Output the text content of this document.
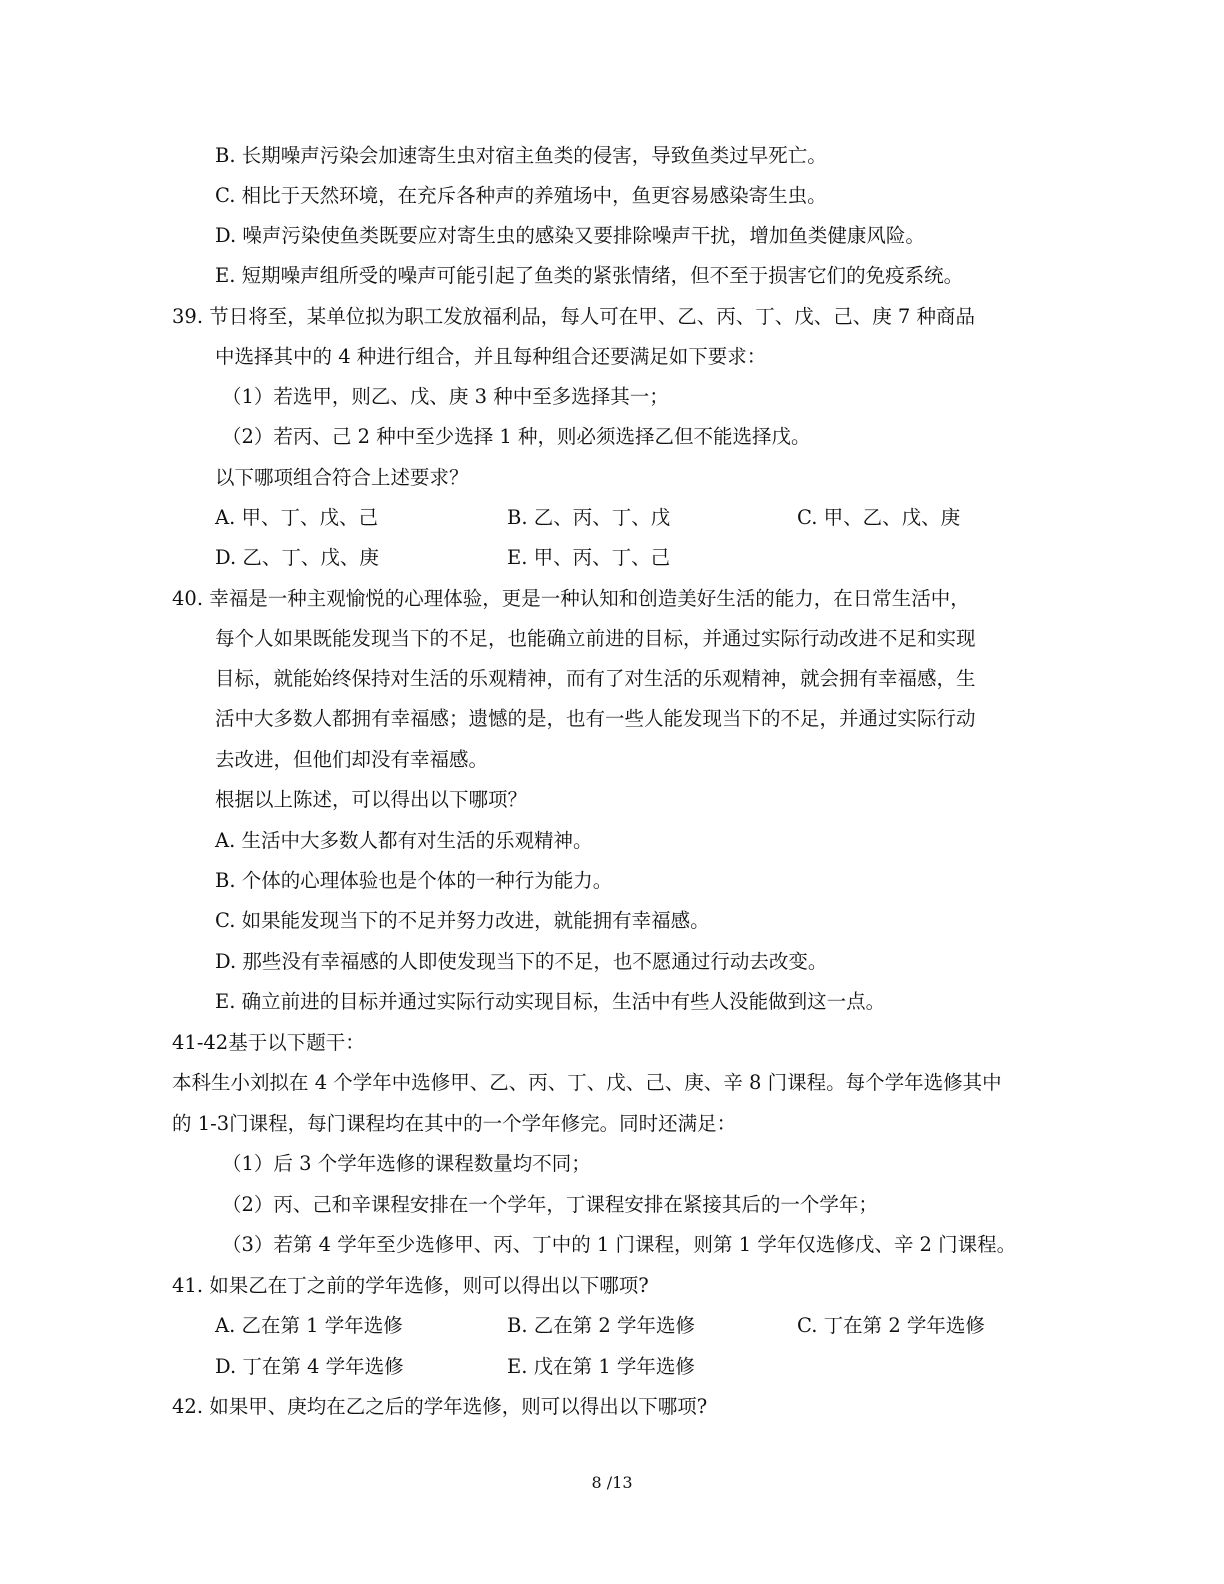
B. 长期噪声污染会加速寄生虫对宿主鱼类的侵害，导致鱼类过早死亡。
C. 相比于天然环境，在充斥各种声的养殖场中，鱼更容易感染寄生虫。
D. 噪声污染使鱼类既要应对寄生虫的感染又要排除噪声干扰，增加鱼类健康风险。
E. 短期噪声组所受的噪声可能引起了鱼类的紧张情绪，但不至于损害它们的免疫系统。
39. 节日将至，某单位拟为职工发放福利品，每人可在甲、乙、丙、丁、戊、己、庚 7 种商品
中选择其中的 4 种进行组合，并且每种组合还要满足如下要求：
（1）若选甲，则乙、戊、庚 3 种中至多选择其一；
（2）若丙、己 2 种中至少选择 1 种，则必须选择乙但不能选择戊。
以下哪项组合符合上述要求？
A. 甲、丁、戊、己	B. 乙、丙、丁、戊	C. 甲、乙、戊、庚
D. 乙、丁、戊、庚	E. 甲、丙、丁、己
40. 幸福是一种主观愉悦的心理体验，更是一种认知和创造美好生活的能力，在日常生活中，
每个人如果既能发现当下的不足，也能确立前进的目标，并通过实际行动改进不足和实现
目标，就能始终保持对生活的乐观精神，而有了对生活的乐观精神，就会拥有幸福感，生
活中大多数人都拥有幸福感；遗憾的是，也有一些人能发现当下的不足，并通过实际行动
去改进，但他们却没有幸福感。
根据以上陈述，可以得出以下哪项？
A. 生活中大多数人都有对生活的乐观精神。
B. 个体的心理体验也是个体的一种行为能力。
C. 如果能发现当下的不足并努力改进，就能拥有幸福感。
D. 那些没有幸福感的人即使发现当下的不足，也不愿通过行动去改变。
E. 确立前进的目标并通过实际行动实现目标，生活中有些人没能做到这一点。
41-42基于以下题干：
本科生小刘拟在 4 个学年中选修甲、乙、丙、丁、戊、己、庚、辛 8 门课程。每个学年选修其中
的 1-3门课程，每门课程均在其中的一个学年修完。同时还满足：
（1）后 3 个学年选修的课程数量均不同；
（2）丙、己和辛课程安排在一个学年，丁课程安排在紧接其后的一个学年；
（3）若第 4 学年至少选修甲、丙、丁中的 1 门课程，则第 1 学年仅选修戊、辛 2 门课程。
41. 如果乙在丁之前的学年选修，则可以得出以下哪项?
A. 乙在第 1 学年选修	B. 乙在第 2 学年选修	C. 丁在第 2 学年选修
D. 丁在第 4 学年选修	E. 戊在第 1 学年选修
42. 如果甲、庚均在乙之后的学年选修，则可以得出以下哪项?
8 /13
